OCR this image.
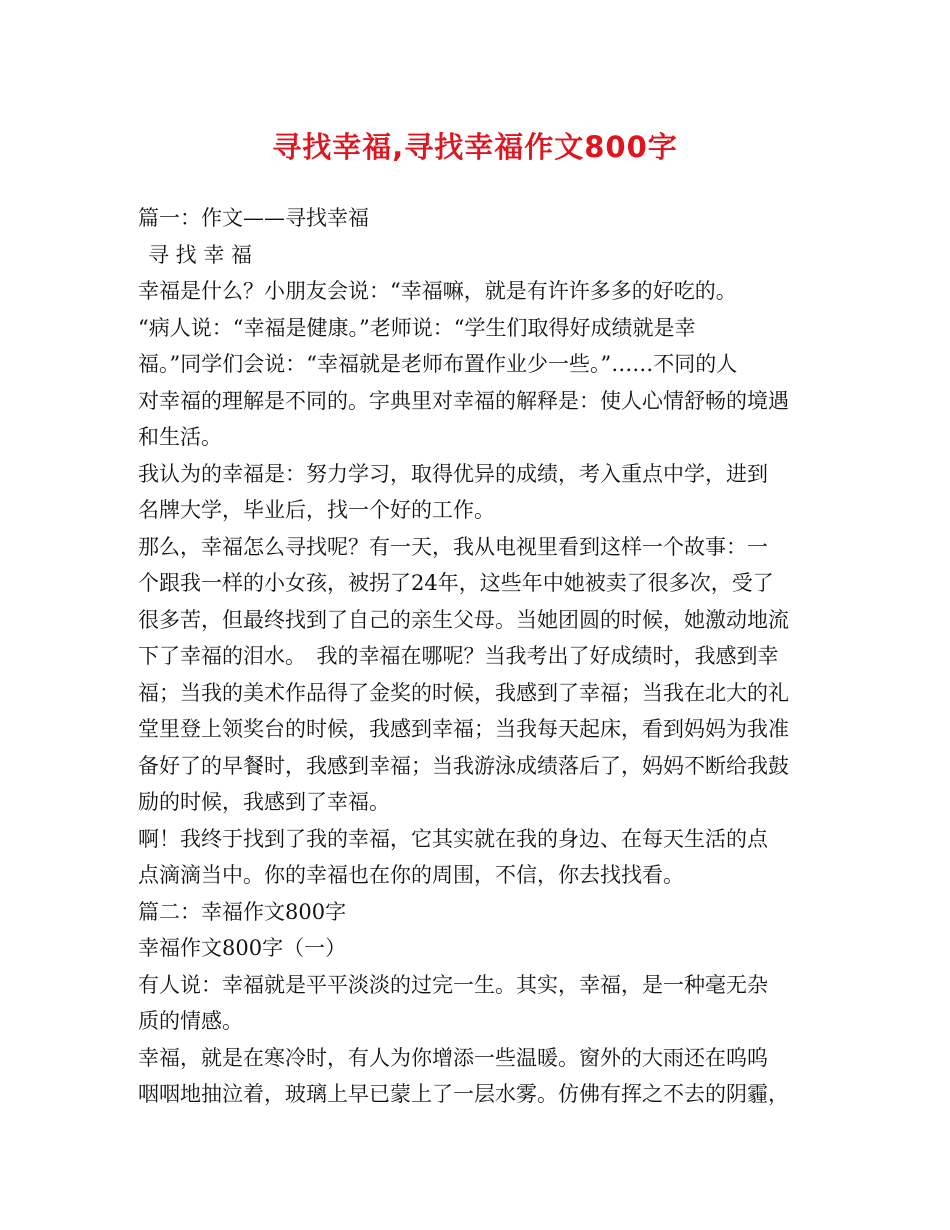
寻找幸福,寻找幸福作文800字
篇一：作文——寻找幸福
寻 找 幸 福
幸福是什么？小朋友会说：“幸福嘛，就是有许许多多的好吃的。
“病人说：“幸福是健康。”老师说：“学生们取得好成绩就是幸
福。”同学们会说：“幸福就是老师布置作业少一些。”……不同的人
对幸福的理解是不同的。字典里对幸福的解释是：使人心情舒畅的境遇
和生活。
我认为的幸福是：努力学习，取得优异的成绩，考入重点中学，进到
名牌大学，毕业后，找一个好的工作。
那么，幸福怎么寻找呢？有一天，我从电视里看到这样一个故事：一
个跟我一样的小女孩，被拐了24年，这些年中她被卖了很多次，受了
很多苦，但最终找到了自己的亲生父母。当她团圆的时候，她激动地流
下了幸福的泪水。　我的幸福在哪呢？当我考出了好成绩时，我感到幸
福；当我的美术作品得了金奖的时候，我感到了幸福；当我在北大的礼
堂里登上领奖台的时候，我感到幸福；当我每天起床，看到妈妈为我准
备好了的早餐时，我感到幸福；当我游泳成绩落后了，妈妈不断给我鼓
励的时候，我感到了幸福。
啊！我终于找到了我的幸福，它其实就在我的身边、在每天生活的点
点滴滴当中。你的幸福也在你的周围，不信，你去找找看。
篇二：幸福作文800字
幸福作文800字（一）
有人说：幸福就是平平淡淡的过完一生。其实，幸福，是一种毫无杂
质的情感。
幸福，就是在寒冷时，有人为你增添一些温暖。窗外的大雨还在呜呜
咽咽地抽泣着，玻璃上早已蒙上了一层水雾。仿佛有挥之不去的阴霾，
